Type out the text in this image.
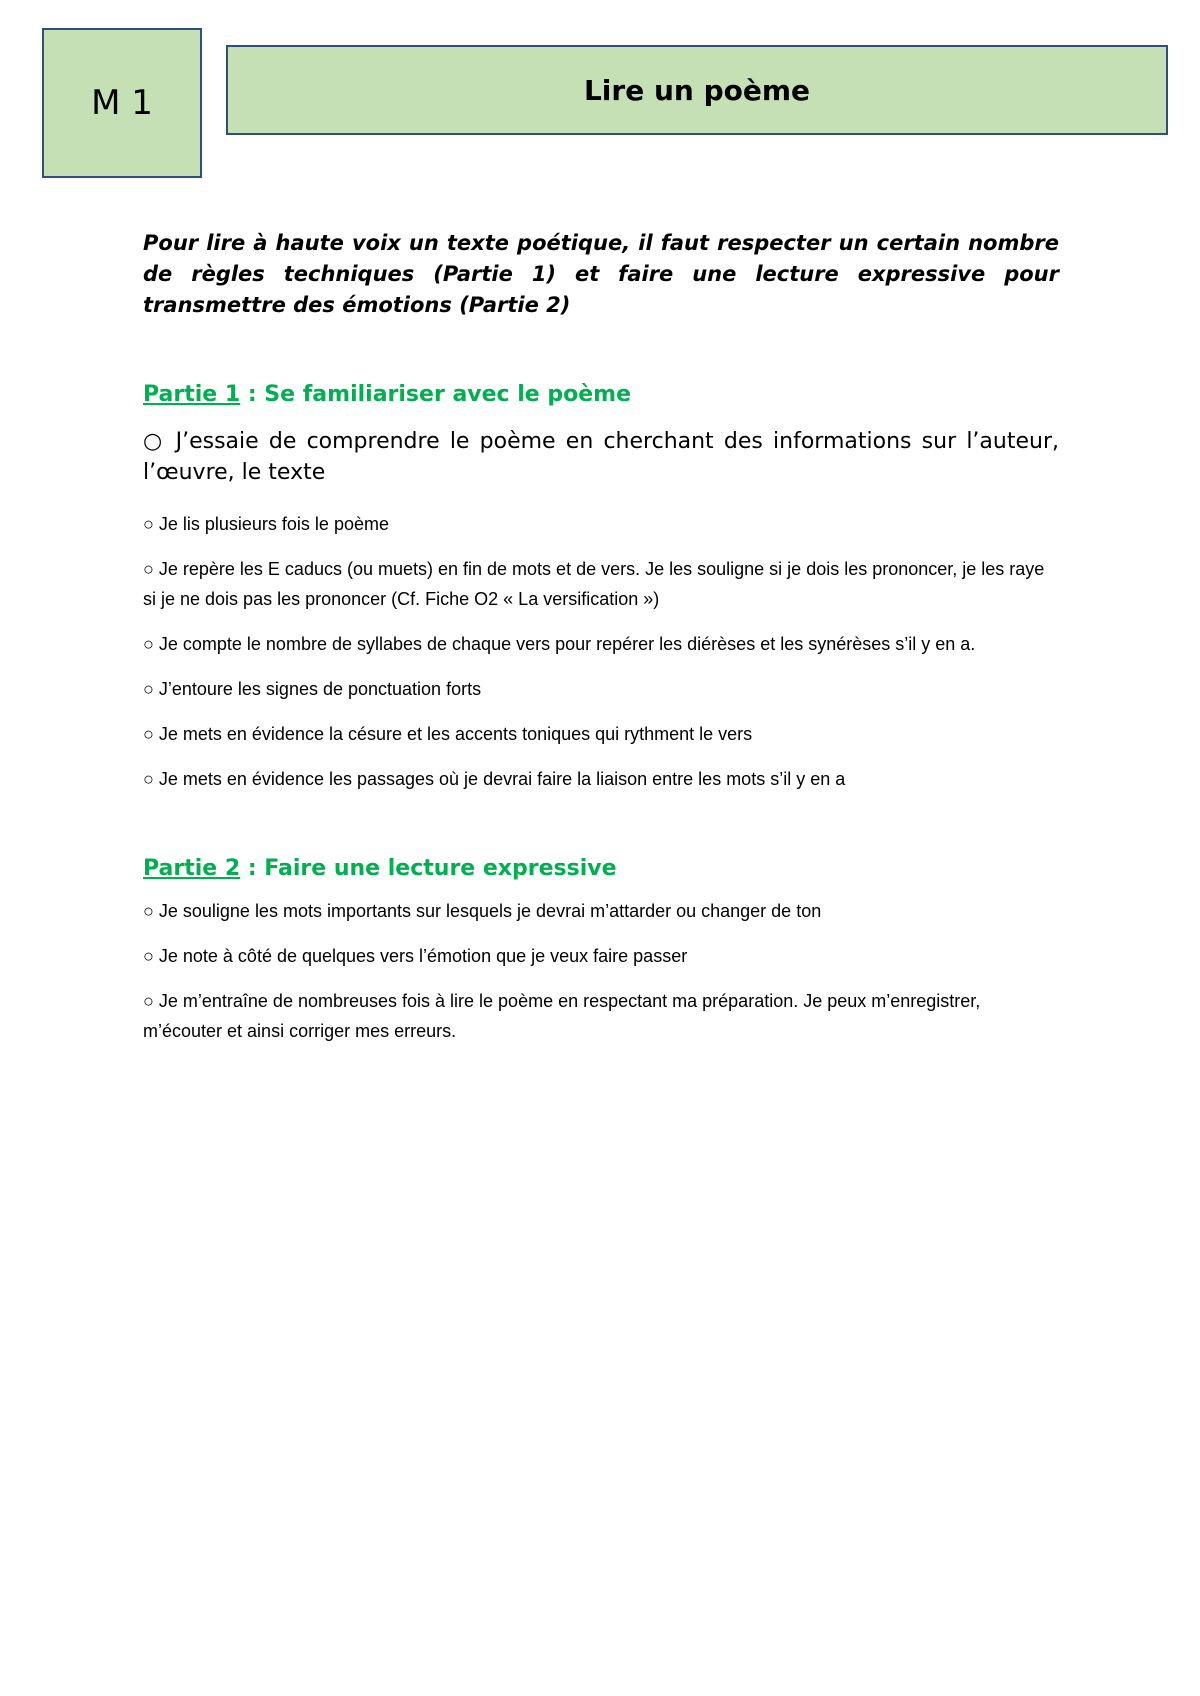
M 1	Lire un poème

Pour lire à haute voix un texte poétique, il faut respecter un certain nombre de règles techniques (Partie 1) et faire une lecture expressive pour transmettre des émotions (Partie 2)

Partie 1 : Se familiariser avec le poème

○ J’essaie de comprendre le poème en cherchant des informations sur l’auteur, l’œuvre, le texte

○ Je lis plusieurs fois le poème

○ Je repère les E caducs (ou muets) en fin de mots et de vers. Je les souligne si je dois les prononcer, je les raye si je ne dois pas les prononcer (Cf. Fiche O2 « La versification »)

○ Je compte le nombre de syllabes de chaque vers pour repérer les diérèses et les synérèses s’il y en a.

○ J’entoure les signes de ponctuation forts

○ Je mets en évidence la césure et les accents toniques qui rythment le vers

○ Je mets en évidence les passages où je devrai faire la liaison entre les mots s’il y en a

Partie 2 : Faire une lecture expressive

○ Je souligne les mots importants sur lesquels je devrai m’attarder ou changer de ton

○ Je note à côté de quelques vers l’émotion que je veux faire passer

○ Je m’entraîne de nombreuses fois à lire le poème en respectant ma préparation. Je peux m’enregistrer, m’écouter et ainsi corriger mes erreurs.
